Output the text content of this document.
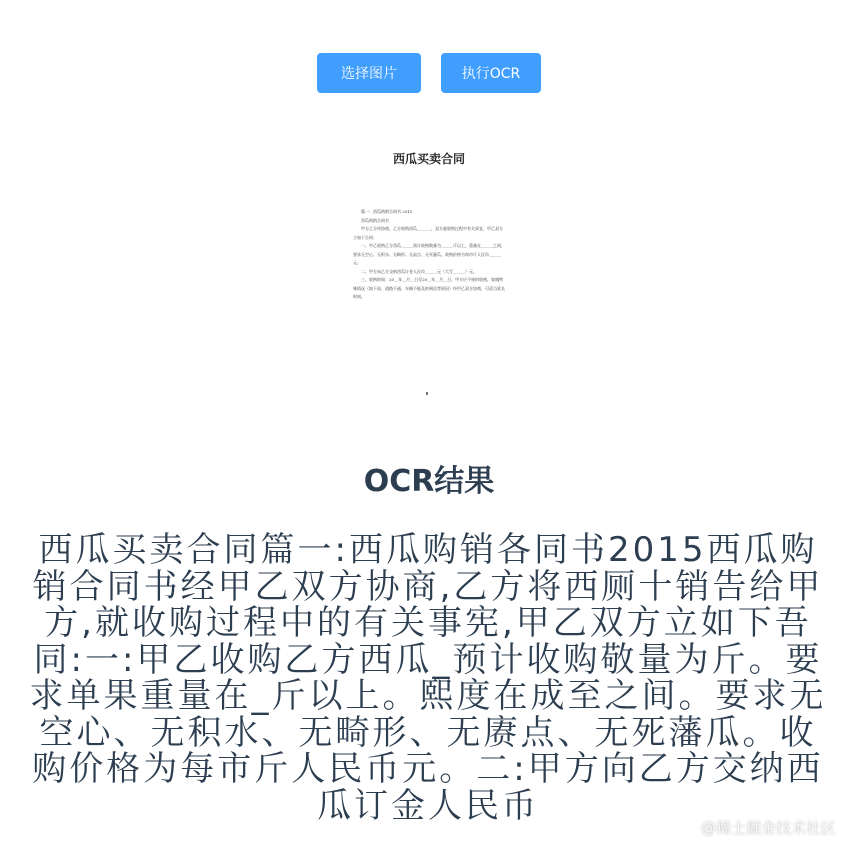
选择图片	执行OCR
西瓜买卖合同

篇一：西瓜购销合同书 2015

西瓜购销合同书

甲方乙方经协商，乙方收购西瓜_______，双方就收购过程中有关事宜，甲乙双方立如下合同：

一、甲乙收购乙方西瓜______预计收购数量为______斤以上，重量在______之间，要求无空心、无积水、无畸形、无虐点、无死藤瓜。收购价格为每市斤人民币______元。

二、甲方向乙方交纳西瓜订金人民币______元（大写______）元。

三、收购时间：20__年__月__日至20__年__月__日，甲方应不按时收购，如遇特殊情况（如下雨、道路不通、车辆不能及时到达等原因）经甲乙双方协商，可适当延长时间。

OCR结果

西瓜买卖合同篇一:西瓜购销各同书2015西瓜购销合同书经甲乙双方协商,乙方将西厕十销告给甲方,就收购过程中的有关事宪,甲乙双方立如下吾同:一:甲乙收购乙方西瓜_预计收购敬量为斤。要求单果重量在_斤以上。熙度在成至之间。要求无空心、无积水、无畸形、无赓点、无死藩瓜。收购价格为每市斤人民币元。二:甲方向乙方交纳西瓜订金人民币

@稀土掘金技术社区
